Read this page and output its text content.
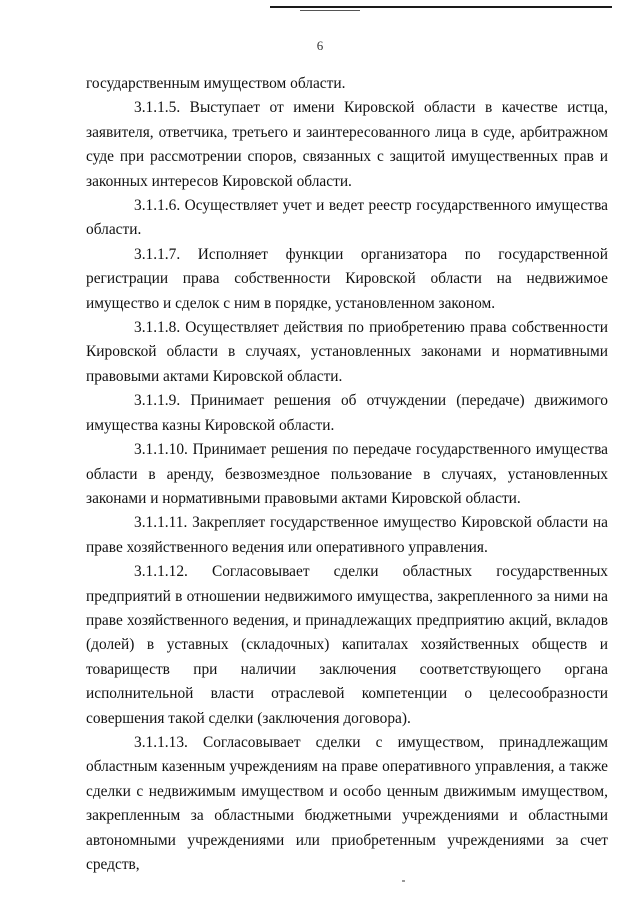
6

государственным имуществом области.

3.1.1.5. Выступает от имени Кировской области в качестве истца, заявителя, ответчика, третьего и заинтересованного лица в суде, арбитражном суде при рассмотрении споров, связанных с защитой имущественных прав и законных интересов Кировской области.

3.1.1.6. Осуществляет учет и ведет реестр государственного имущества области.

3.1.1.7. Исполняет функции организатора по государственной регистрации права собственности Кировской области на недвижимое имущество и сделок с ним в порядке, установленном законом.

3.1.1.8. Осуществляет действия по приобретению права собственности Кировской области в случаях, установленных законами и нормативными правовыми актами Кировской области.

3.1.1.9. Принимает решения об отчуждении (передаче) движимого имущества казны Кировской области.

3.1.1.10. Принимает решения по передаче государственного имущества области в аренду, безвозмездное пользование в случаях, установленных законами и нормативными правовыми актами Кировской области.

3.1.1.11. Закрепляет государственное имущество Кировской области на праве хозяйственного ведения или оперативного управления.

3.1.1.12. Согласовывает сделки областных государственных предприятий в отношении недвижимого имущества, закрепленного за ними на праве хозяйственного ведения, и принадлежащих предприятию акций, вкладов (долей) в уставных (складочных) капиталах хозяйственных обществ и товариществ при наличии заключения соответствующего органа исполнительной власти отраслевой компетенции о целесообразности совершения такой сделки (заключения договора).

3.1.1.13. Согласовывает сделки с имуществом, принадлежащим областным казенным учреждениям на праве оперативного управления, а также сделки с недвижимым имуществом и особо ценным движимым имуществом, закрепленным за областными бюджетными учреждениями и областными автономными учреждениями или приобретенным учреждениями за счет средств,
